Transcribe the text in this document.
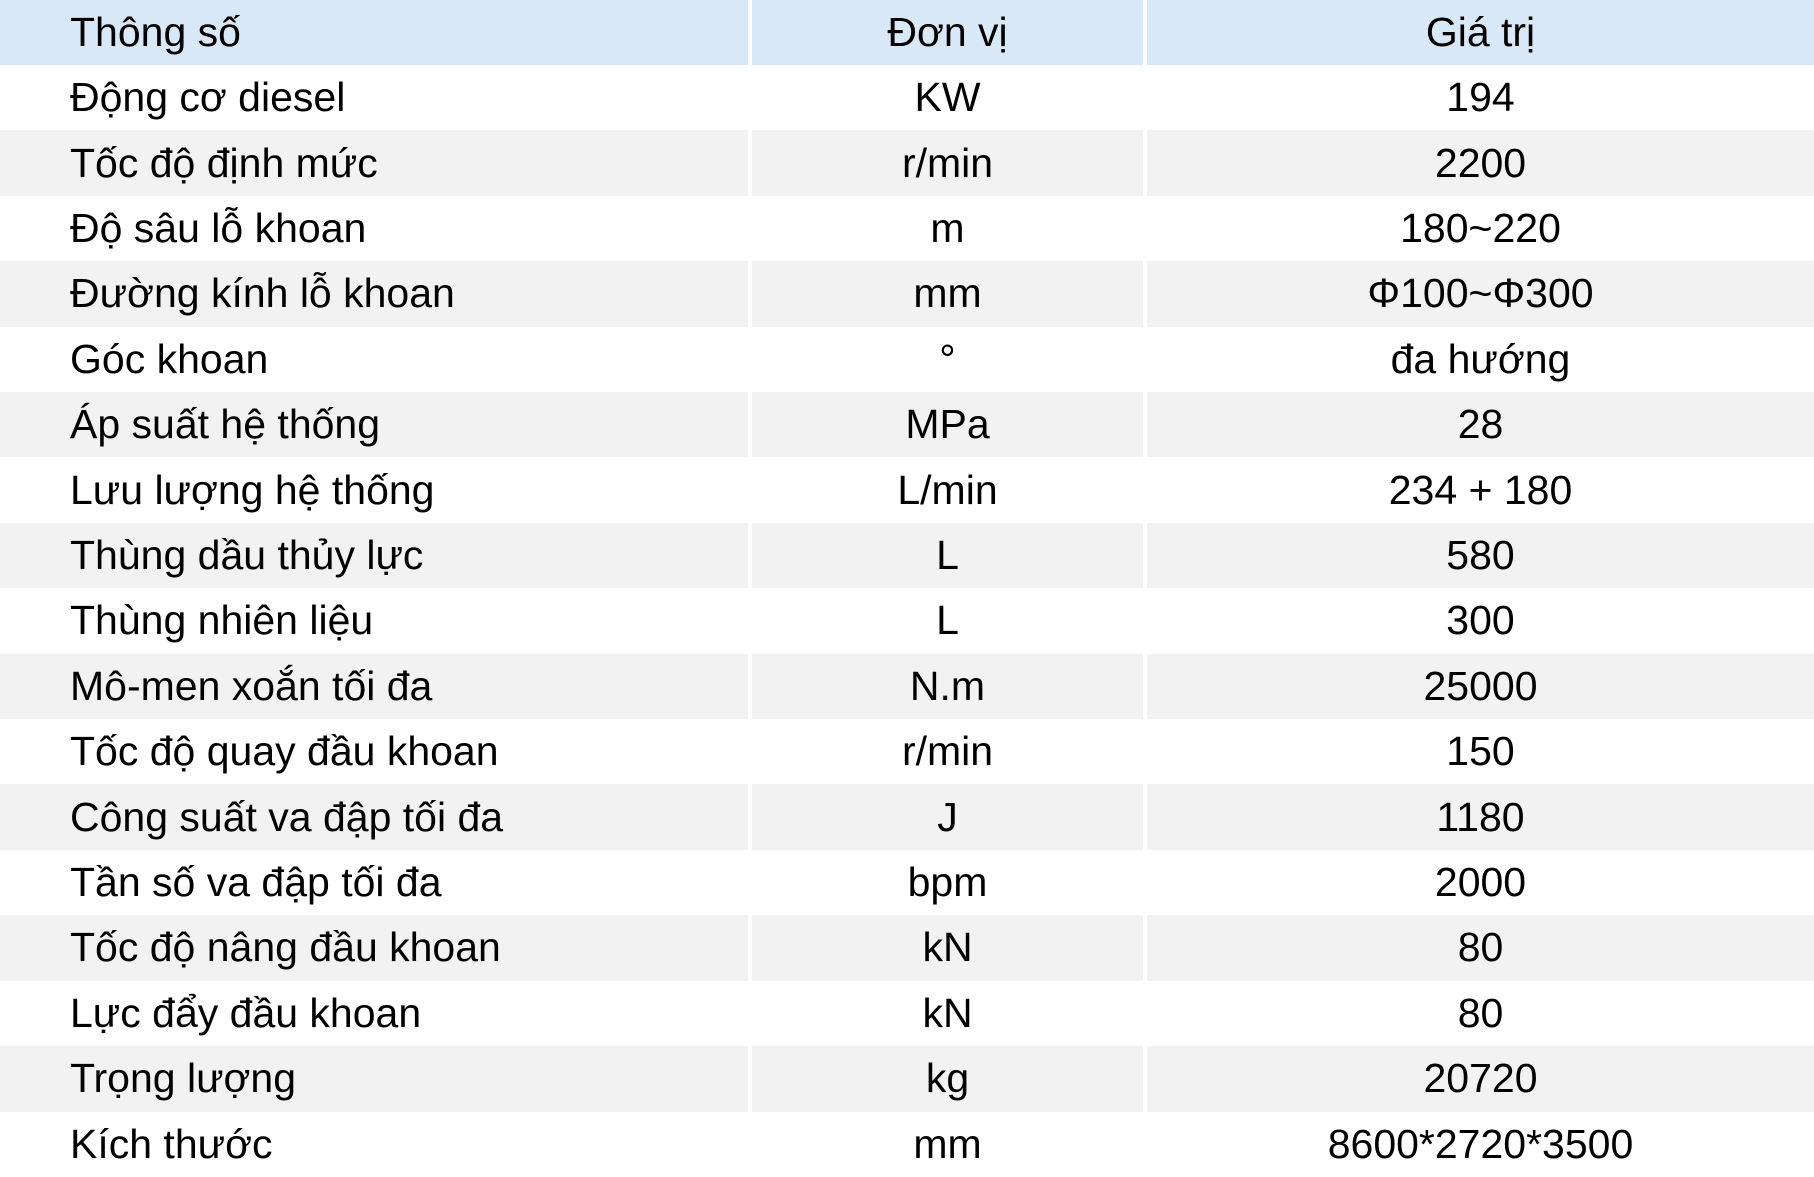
Thông số	Đơn vị	Giá trị
Động cơ diesel	KW	194
Tốc độ định mức	r/min	2200
Độ sâu lỗ khoan	m	180~220
Đường kính lỗ khoan	mm	Φ100~Φ300
Góc khoan	°	đa hướng
Áp suất hệ thống	MPa	28
Lưu lượng hệ thống	L/min	234 + 180
Thùng dầu thủy lực	L	580
Thùng nhiên liệu	L	300
Mô-men xoắn tối đa	N.m	25000
Tốc độ quay đầu khoan	r/min	150
Công suất va đập tối đa	J	1180
Tần số va đập tối đa	bpm	2000
Tốc độ nâng đầu khoan	kN	80
Lực đẩy đầu khoan	kN	80
Trọng lượng	kg	20720
Kích thước	mm	8600*2720*3500
